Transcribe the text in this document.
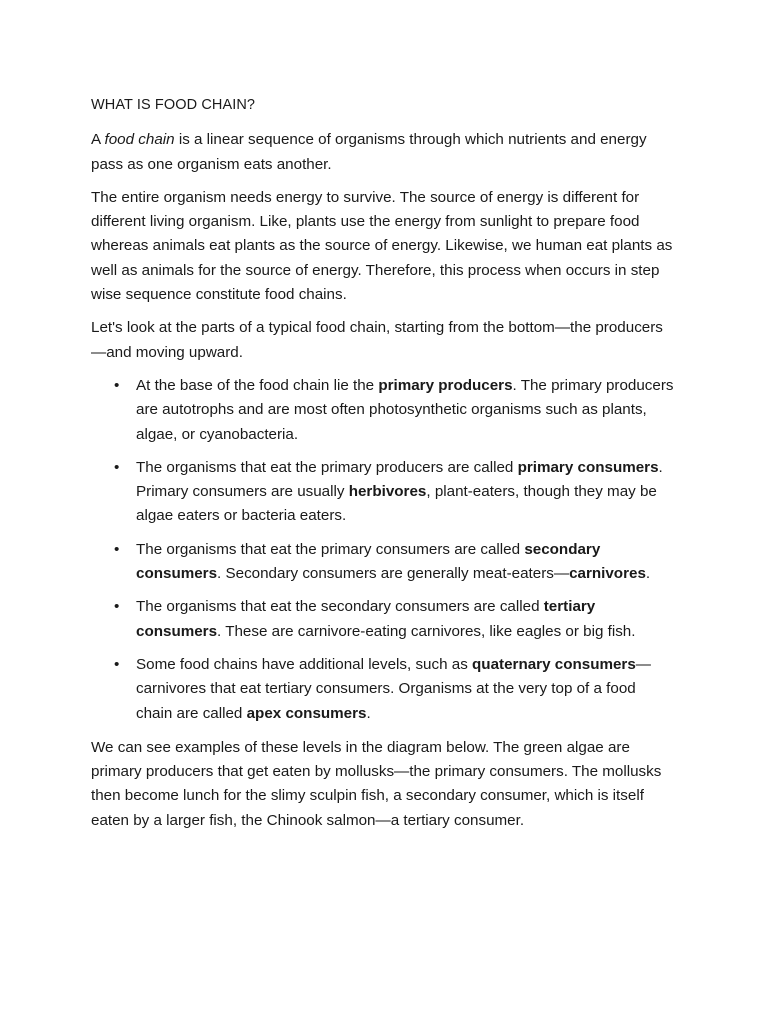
WHAT IS FOOD CHAIN?

A food chain is a linear sequence of organisms through which nutrients and energy pass as one organism eats another.

The entire organism needs energy to survive. The source of energy is different for different living organism. Like, plants use the energy from sunlight to prepare food whereas animals eat plants as the source of energy. Likewise, we human eat plants as well as animals for the source of energy. Therefore, this process when occurs in step wise sequence constitute food chains.

Let's look at the parts of a typical food chain, starting from the bottom—the producers—and moving upward.

• At the base of the food chain lie the primary producers. The primary producers are autotrophs and are most often photosynthetic organisms such as plants, algae, or cyanobacteria.
• The organisms that eat the primary producers are called primary consumers. Primary consumers are usually herbivores, plant-eaters, though they may be algae eaters or bacteria eaters.
• The organisms that eat the primary consumers are called secondary consumers. Secondary consumers are generally meat-eaters—carnivores.
• The organisms that eat the secondary consumers are called tertiary consumers. These are carnivore-eating carnivores, like eagles or big fish.
• Some food chains have additional levels, such as quaternary consumers—carnivores that eat tertiary consumers. Organisms at the very top of a food chain are called apex consumers.

We can see examples of these levels in the diagram below. The green algae are primary producers that get eaten by mollusks—the primary consumers. The mollusks then become lunch for the slimy sculpin fish, a secondary consumer, which is itself eaten by a larger fish, the Chinook salmon—a tertiary consumer.
